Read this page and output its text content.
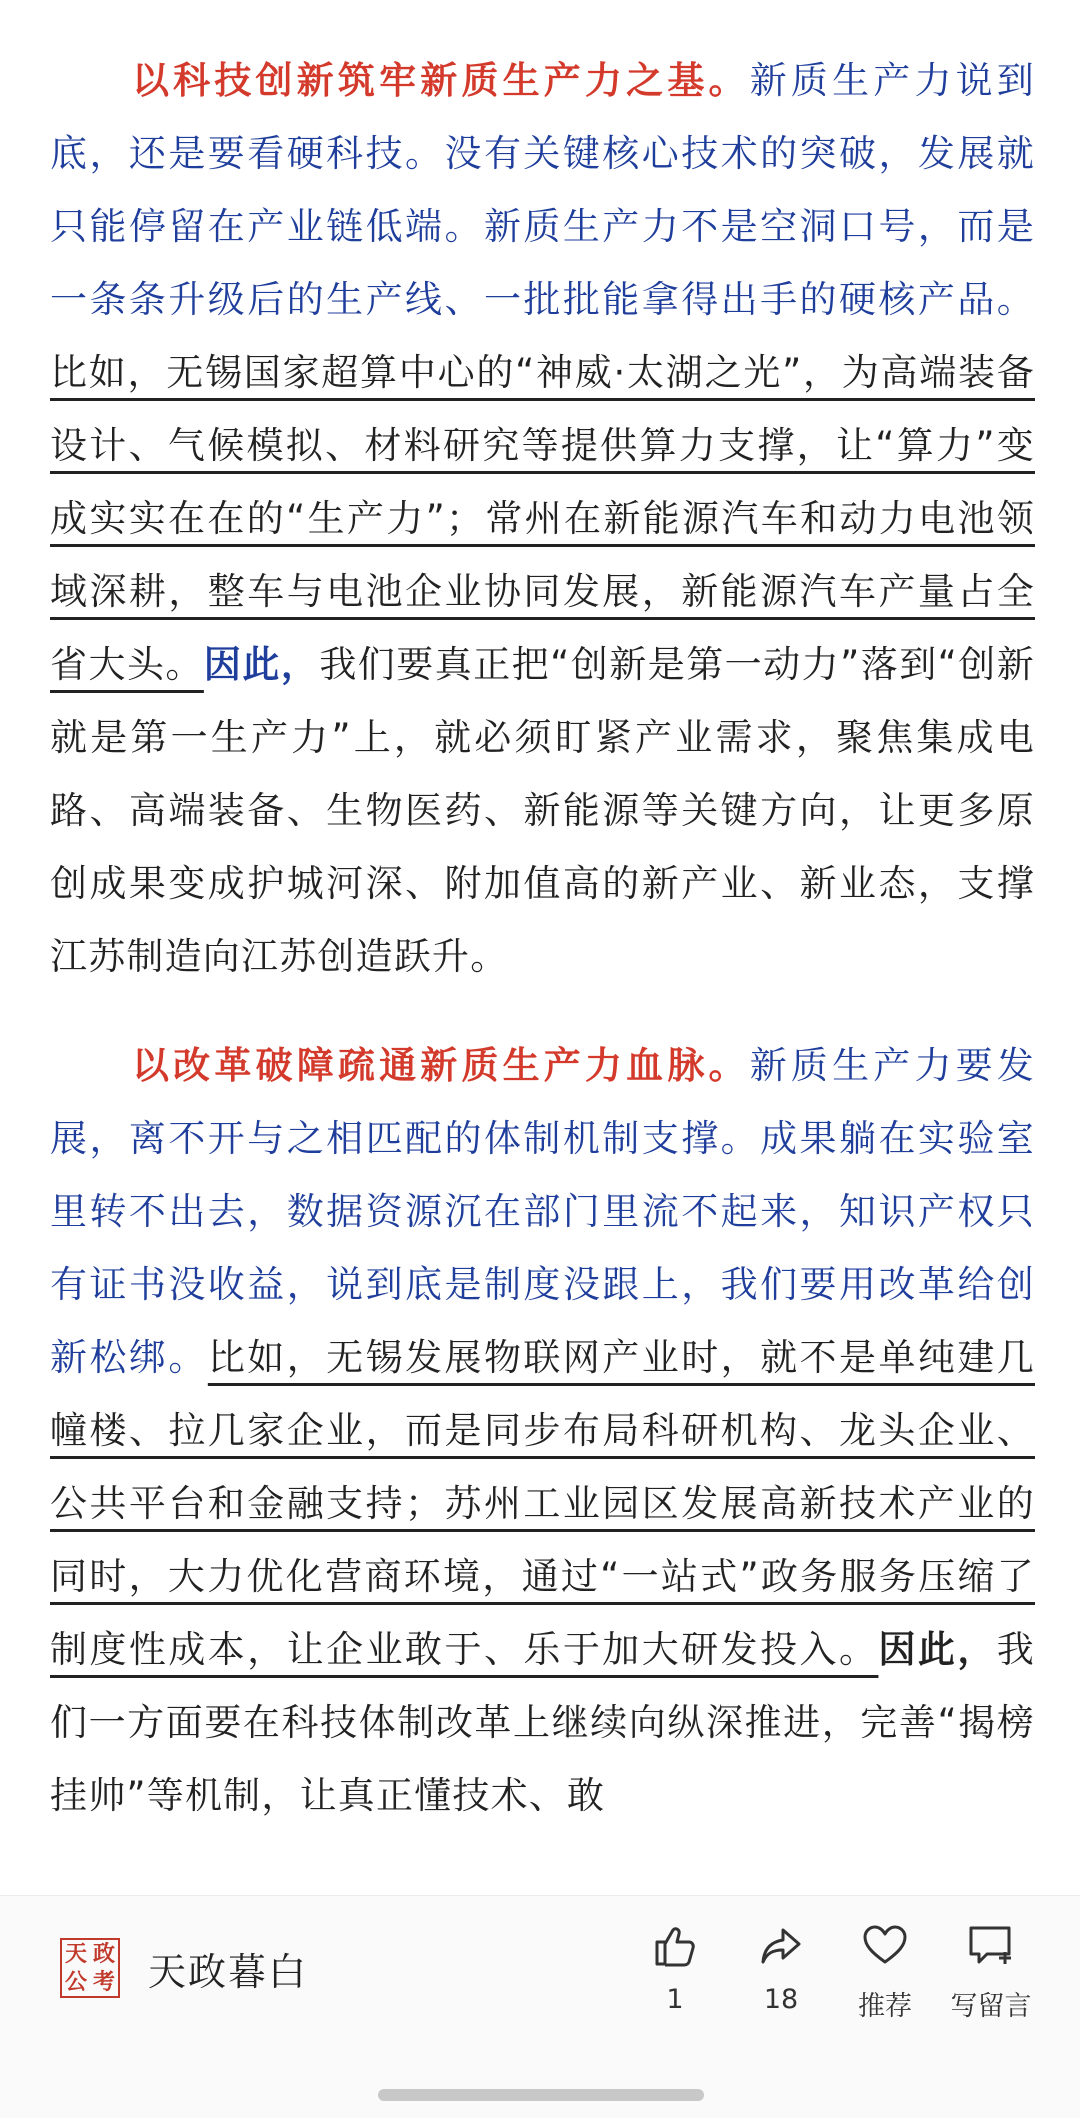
以科技创新筑牢新质生产力之基。新质生产力说到底，还是要看硬科技。没有关键核心技术的突破，发展就只能停留在产业链低端。新质生产力不是空洞口号，而是一条条升级后的生产线、一批批能拿得出手的硬核产品。比如，无锡国家超算中心的“神威·太湖之光”，为高端装备设计、气候模拟、材料研究等提供算力支撑，让“算力”变成实实在在的“生产力”；常州在新能源汽车和动力电池领域深耕，整车与电池企业协同发展，新能源汽车产量占全省大头。因此，我们要真正把“创新是第一动力”落到“创新就是第一生产力”上，就必须盯紧产业需求，聚焦集成电路、高端装备、生物医药、新能源等关键方向，让更多原创成果变成护城河深、附加值高的新产业、新业态，支撑江苏制造向江苏创造跃升。

以改革破障疏通新质生产力血脉。新质生产力要发展，离不开与之相匹配的体制机制支撑。成果躺在实验室里转不出去，数据资源沉在部门里流不起来，知识产权只有证书没收益，说到底是制度没跟上，我们要用改革给创新松绑。比如，无锡发展物联网产业时，就不是单纯建几幢楼、拉几家企业，而是同步布局科研机构、龙头企业、公共平台和金融支持；苏州工业园区发展高新技术产业的同时，大力优化营商环境，通过“一站式”政务服务压缩了制度性成本，让企业敢于、乐于加大研发投入。因此，我们一方面要在科技体制改革上继续向纵深推进，完善“揭榜挂帅”等机制，让真正懂技术、敢

天 政
公 考 天政暮白
1	18	推荐	写留言
